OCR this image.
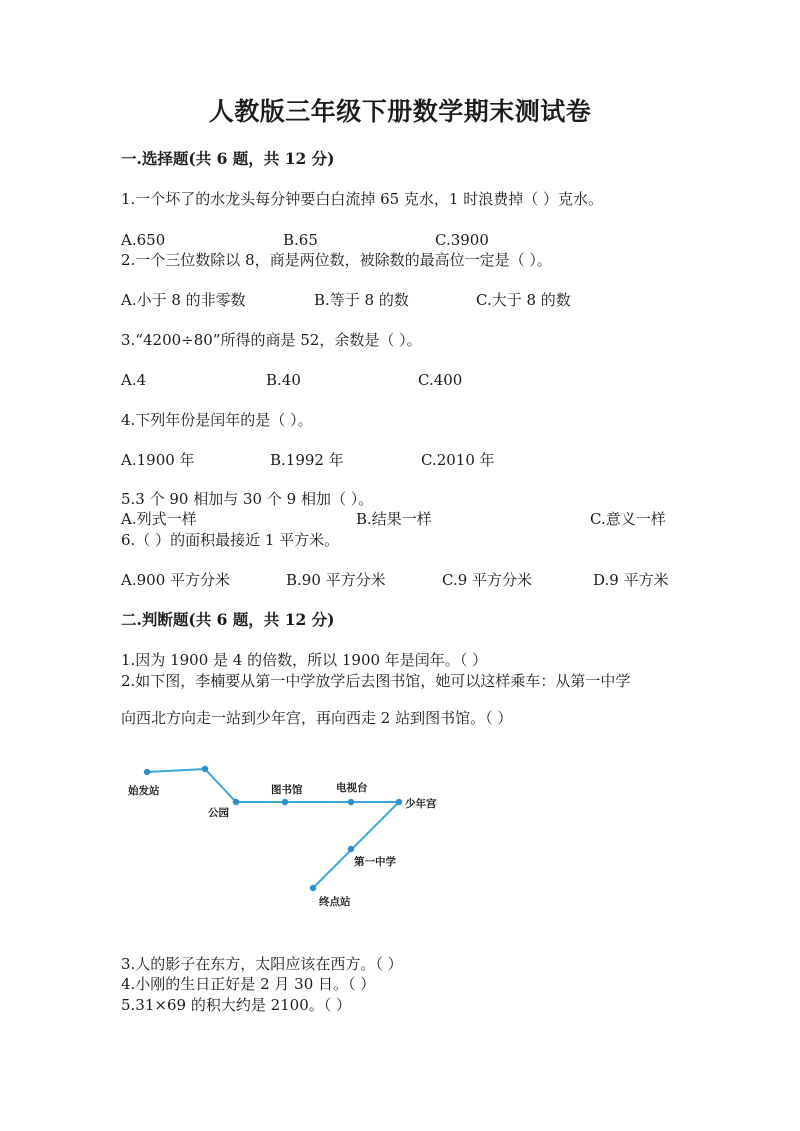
人教版三年级下册数学期末测试卷
一.选择题(共 6 题，共 12 分)
1.一个坏了的水龙头每分钟要白白流掉 65 克水，1 时浪费掉（ ）克水。
A.650	B.65	C.3900
2.一个三位数除以 8，商是两位数，被除数的最高位一定是（ ）。
A.小于 8 的非零数	B.等于 8 的数	C.大于 8 的数
3.“4200÷80”所得的商是 52，余数是（ ）。
A.4	B.40	C.400
4.下列年份是闰年的是（ ）。
A.1900 年	B.1992 年	C.2010 年
5.3 个 90 相加与 30 个 9 相加（ ）。
A.列式一样	B.结果一样	C.意义一样
6.（ ）的面积最接近 1 平方米。
A.900 平方分米	B.90 平方分米	C.9 平方分米	D.9 平方米
二.判断题(共 6 题，共 12 分)
1.因为 1900 是 4 的倍数，所以 1900 年是闰年。（ ）
2.如下图，李楠要从第一中学放学后去图书馆，她可以这样乘车：从第一中学
向西北方向走一站到少年宫，再向西走 2 站到图书馆。（ ）
始发站
公园
图书馆	电视台
少年宫
第一中学
终点站
3.人的影子在东方，太阳应该在西方。（ ）
4.小刚的生日正好是 2 月 30 日。（ ）
5.31×69 的积大约是 2100。（ ）
